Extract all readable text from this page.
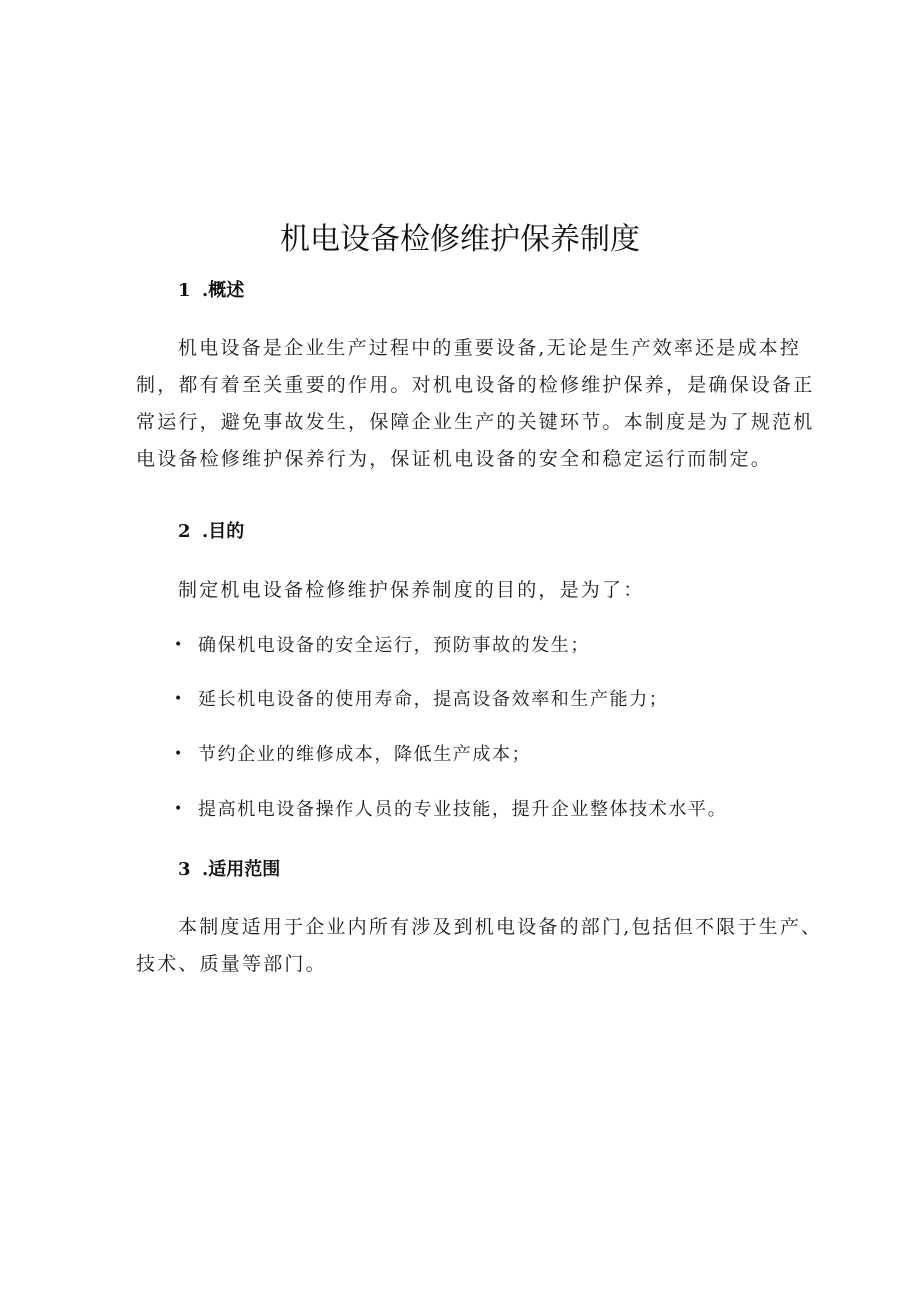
机电设备检修维护保养制度
1 .概述
机电设备是企业生产过程中的重要设备,无论是生产效率还是成本控
制，都有着至关重要的作用。对机电设备的检修维护保养，是确保设备正
常运行，避免事故发生，保障企业生产的关键环节。本制度是为了规范机
电设备检修维护保养行为，保证机电设备的安全和稳定运行而制定。
2 .目的
制定机电设备检修维护保养制度的目的，是为了：
• 确保机电设备的安全运行，预防事故的发生；
• 延长机电设备的使用寿命，提高设备效率和生产能力；
• 节约企业的维修成本，降低生产成本；
• 提高机电设备操作人员的专业技能，提升企业整体技术水平。
3 .适用范围
本制度适用于企业内所有涉及到机电设备的部门,包括但不限于生产、
技术、质量等部门。
